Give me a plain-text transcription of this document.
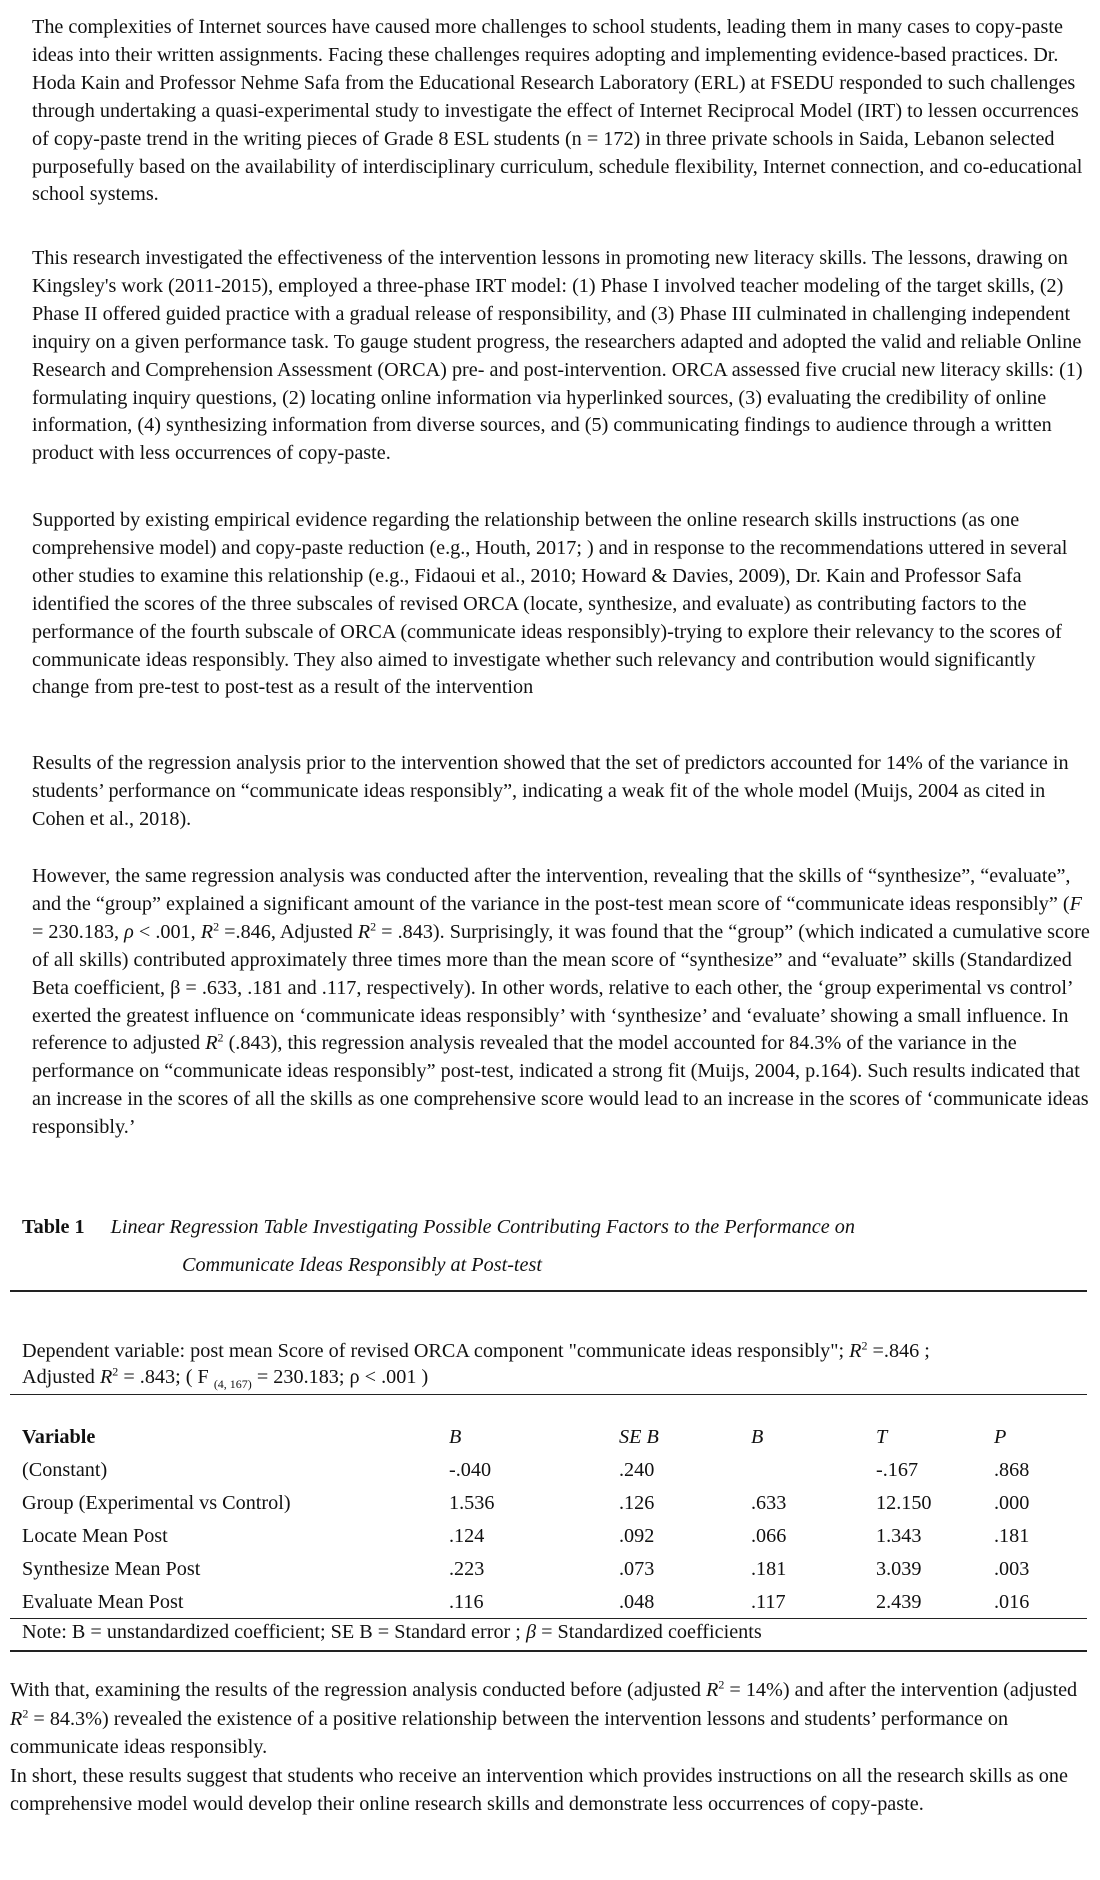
The complexities of Internet sources have caused more challenges to school students, leading them in many cases to copy-paste ideas into their written assignments. Facing these challenges requires adopting and implementing evidence-based practices. Dr. Hoda Kain and Professor Nehme Safa from the Educational Research Laboratory (ERL) at FSEDU responded to such challenges through undertaking a quasi-experimental study to investigate the effect of Internet Reciprocal Model (IRT) to lessen occurrences of copy-paste trend in the writing pieces of Grade 8 ESL students (n = 172) in three private schools in Saida, Lebanon selected purposefully based on the availability of interdisciplinary curriculum, schedule flexibility, Internet connection, and co-educational school systems.

This research investigated the effectiveness of the intervention lessons in promoting new literacy skills. The lessons, drawing on Kingsley's work (2011-2015), employed a three-phase IRT model: (1) Phase I involved teacher modeling of the target skills, (2) Phase II offered guided practice with a gradual release of responsibility, and (3) Phase III culminated in challenging independent inquiry on a given performance task. To gauge student progress, the researchers adapted and adopted the valid and reliable Online Research and Comprehension Assessment (ORCA) pre- and post-intervention. ORCA assessed five crucial new literacy skills: (1) formulating inquiry questions, (2) locating online information via hyperlinked sources, (3) evaluating the credibility of online information, (4) synthesizing information from diverse sources, and (5) communicating findings to audience through a written product with less occurrences of copy-paste.

Supported by existing empirical evidence regarding the relationship between the online research skills instructions (as one comprehensive model) and copy-paste reduction (e.g., Houth, 2017; ) and in response to the recommendations uttered in several other studies to examine this relationship (e.g., Fidaoui et al., 2010; Howard & Davies, 2009), Dr. Kain and Professor Safa identified the scores of the three subscales of revised ORCA (locate, synthesize, and evaluate) as contributing factors to the performance of the fourth subscale of ORCA (communicate ideas responsibly)-trying to explore their relevancy to the scores of communicate ideas responsibly. They also aimed to investigate whether such relevancy and contribution would significantly change from pre-test to post-test as a result of the intervention

Results of the regression analysis prior to the intervention showed that the set of predictors accounted for 14% of the variance in students’ performance on “communicate ideas responsibly”, indicating a weak fit of the whole model (Muijs, 2004 as cited in Cohen et al., 2018).

However, the same regression analysis was conducted after the intervention, revealing that the skills of “synthesize”, “evaluate”, and the “group” explained a significant amount of the variance in the post-test mean score of “communicate ideas responsibly” (F = 230.183, ρ < .001, $R^2 =.846$, Adjusted $R^2 = .843$). Surprisingly, it was found that the “group” (which indicated a cumulative score of all skills) contributed approximately three times more than the mean score of “synthesize” and “evaluate” skills (Standardized Beta coefficient, β = .633, .181 and .117, respectively). In other words, relative to each other, the ‘group experimental vs control’ exerted the greatest influence on ‘communicate ideas responsibly’ with ‘synthesize’ and ‘evaluate’ showing a small influence. In reference to adjusted $R^2$ (.843), this regression analysis revealed that the model accounted for 84.3% of the variance in the performance on “communicate ideas responsibly” post-test, indicated a strong fit (Muijs, 2004, p.164). Such results indicated that an increase in the scores of all the skills as one comprehensive score would lead to an increase in the scores of ‘communicate ideas responsibly.’

Table 1 Linear Regression Table Investigating Possible Contributing Factors to the Performance on
Communicate Ideas Responsibly at Post-test
Dependent variable: post mean Score of revised ORCA component "communicate ideas responsibly"; $R^2 =.846$ ;
Adjusted $R^2 = .843$; ( F $_{(4, 167)}$ = 230.183; ρ < .001 )
Variable	B	SE B	Β	T	P
(Constant)	-.040	.240		-.167	.868
Group (Experimental vs Control)	1.536	.126	.633	12.150	.000
Locate Mean Post	.124	.092	.066	1.343	.181
Synthesize Mean Post	.223	.073	.181	3.039	.003
Evaluate Mean Post	.116	.048	.117	2.439	.016
Note: B = unstandardized coefficient; SE B = Standard error ; β = Standardized coefficients

With that, examining the results of the regression analysis conducted before (adjusted $R^2 = 14\%$) and after the intervention (adjusted $R^2 = 84.3\%$) revealed the existence of a positive relationship between the intervention lessons and students’ performance on communicate ideas responsibly.

In short, these results suggest that students who receive an intervention which provides instructions on all the research skills as one comprehensive model would develop their online research skills and demonstrate less occurrences of copy-paste.
